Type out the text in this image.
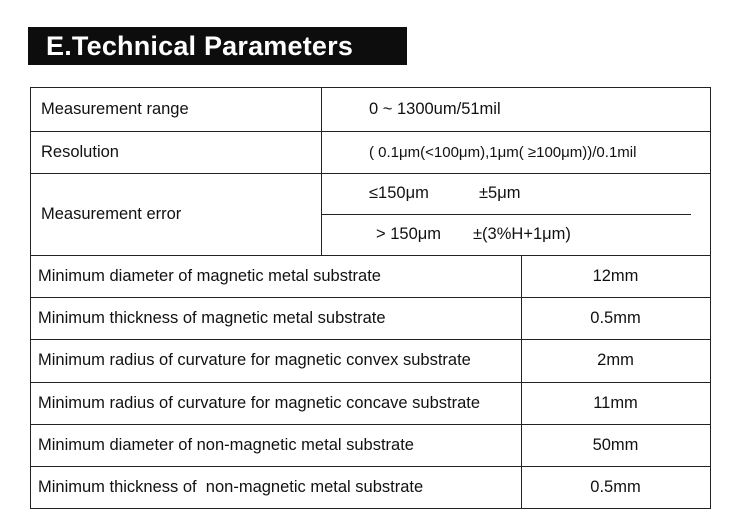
E.Technical Parameters
Measurement range	0 ~ 1300um/51mil
Resolution	( 0.1μm(<100μm),1μm( ≥100μm))/0.1mil
Measurement error
≤150μm	±5μm
> 150μm	±(3%H+1μm)
Minimum diameter of magnetic metal substrate	12mm
Minimum thickness of magnetic metal substrate	0.5mm
Minimum radius of curvature for magnetic convex substrate	2mm
Minimum radius of curvature for magnetic concave substrate	11mm
Minimum diameter of non-magnetic metal substrate	50mm
Minimum thickness of  non-magnetic metal substrate	0.5mm
